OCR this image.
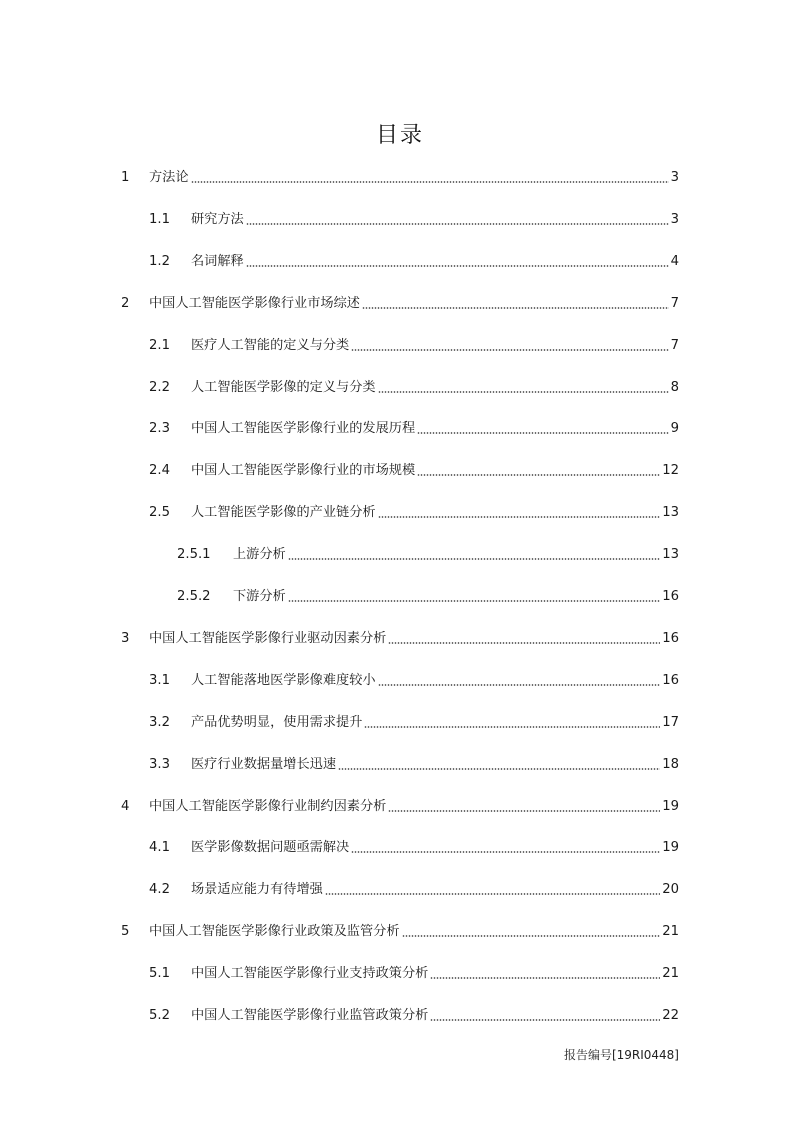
目录
1	方法论	3
1.1	研究方法	3
1.2	名词解释	4
2	中国人工智能医学影像行业市场综述	7
2.1	医疗人工智能的定义与分类	7
2.2	人工智能医学影像的定义与分类	8
2.3	中国人工智能医学影像行业的发展历程	9
2.4	中国人工智能医学影像行业的市场规模	12
2.5	人工智能医学影像的产业链分析	13
2.5.1	上游分析	13
2.5.2	下游分析	16
3	中国人工智能医学影像行业驱动因素分析	16
3.1	人工智能落地医学影像难度较小	16
3.2	产品优势明显，使用需求提升	17
3.3	医疗行业数据量增长迅速	18
4	中国人工智能医学影像行业制约因素分析	19
4.1	医学影像数据问题亟需解决	19
4.2	场景适应能力有待增强	20
5	中国人工智能医学影像行业政策及监管分析	21
5.1	中国人工智能医学影像行业支持政策分析	21
5.2	中国人工智能医学影像行业监管政策分析	22
报告编号[19RI0448]
